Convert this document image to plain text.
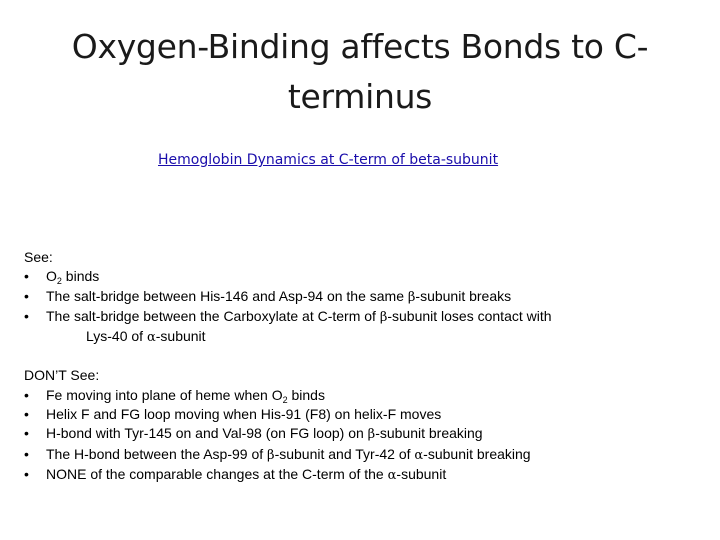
Oxygen-Binding affects Bonds to C-terminus
Hemoglobin Dynamics at C-term of beta-subunit
See:
• $O_2$ binds
• The salt-bridge between His-146 and Asp-94 on the same β-subunit breaks
• The salt-bridge between the Carboxylate at C-term of β-subunit loses contact with
Lys-40 of α-subunit
DON’T See:
• Fe moving into plane of heme when $O_2$ binds
• Helix F and FG loop moving when His-91 (F8) on helix-F moves
• H-bond with Tyr-145 on and Val-98 (on FG loop) on β-subunit breaking
• The H-bond between the Asp-99 of β-subunit and Tyr-42 of α-subunit breaking
• NONE of the comparable changes at the C-term of the α-subunit
